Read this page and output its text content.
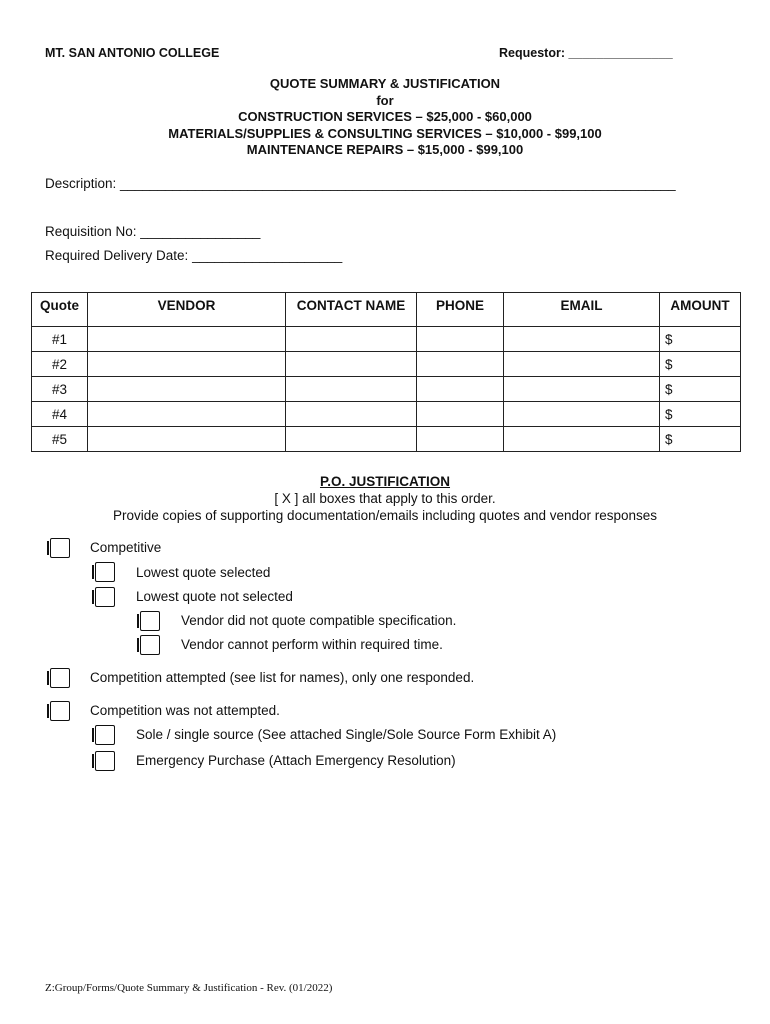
MT. SAN ANTONIO COLLEGE	Requestor: _______________
QUOTE SUMMARY & JUSTIFICATION
for
CONSTRUCTION SERVICES – $25,000 - $60,000
MATERIALS/SUPPLIES & CONSULTING SERVICES – $10,000 - $99,100
MAINTENANCE REPAIRS – $15,000 - $99,100
Description: __________________________________________________________________________
Requisition No: ________________
Required Delivery Date: ____________________
Quote	VENDOR	CONTACT NAME	PHONE	EMAIL	AMOUNT
#1					$
#2					$
#3					$
#4					$
#5					$
P.O. JUSTIFICATION
[ X ] all boxes that apply to this order.
Provide copies of supporting documentation/emails including quotes and vendor responses
Competitive
Lowest quote selected
Lowest quote not selected
Vendor did not quote compatible specification.
Vendor cannot perform within required time.
Competition attempted (see list for names), only one responded.
Competition was not attempted.
Sole / single source (See attached Single/Sole Source Form Exhibit A)
Emergency Purchase (Attach Emergency Resolution)
Z:Group/Forms/Quote Summary & Justification - Rev. (01/2022)
